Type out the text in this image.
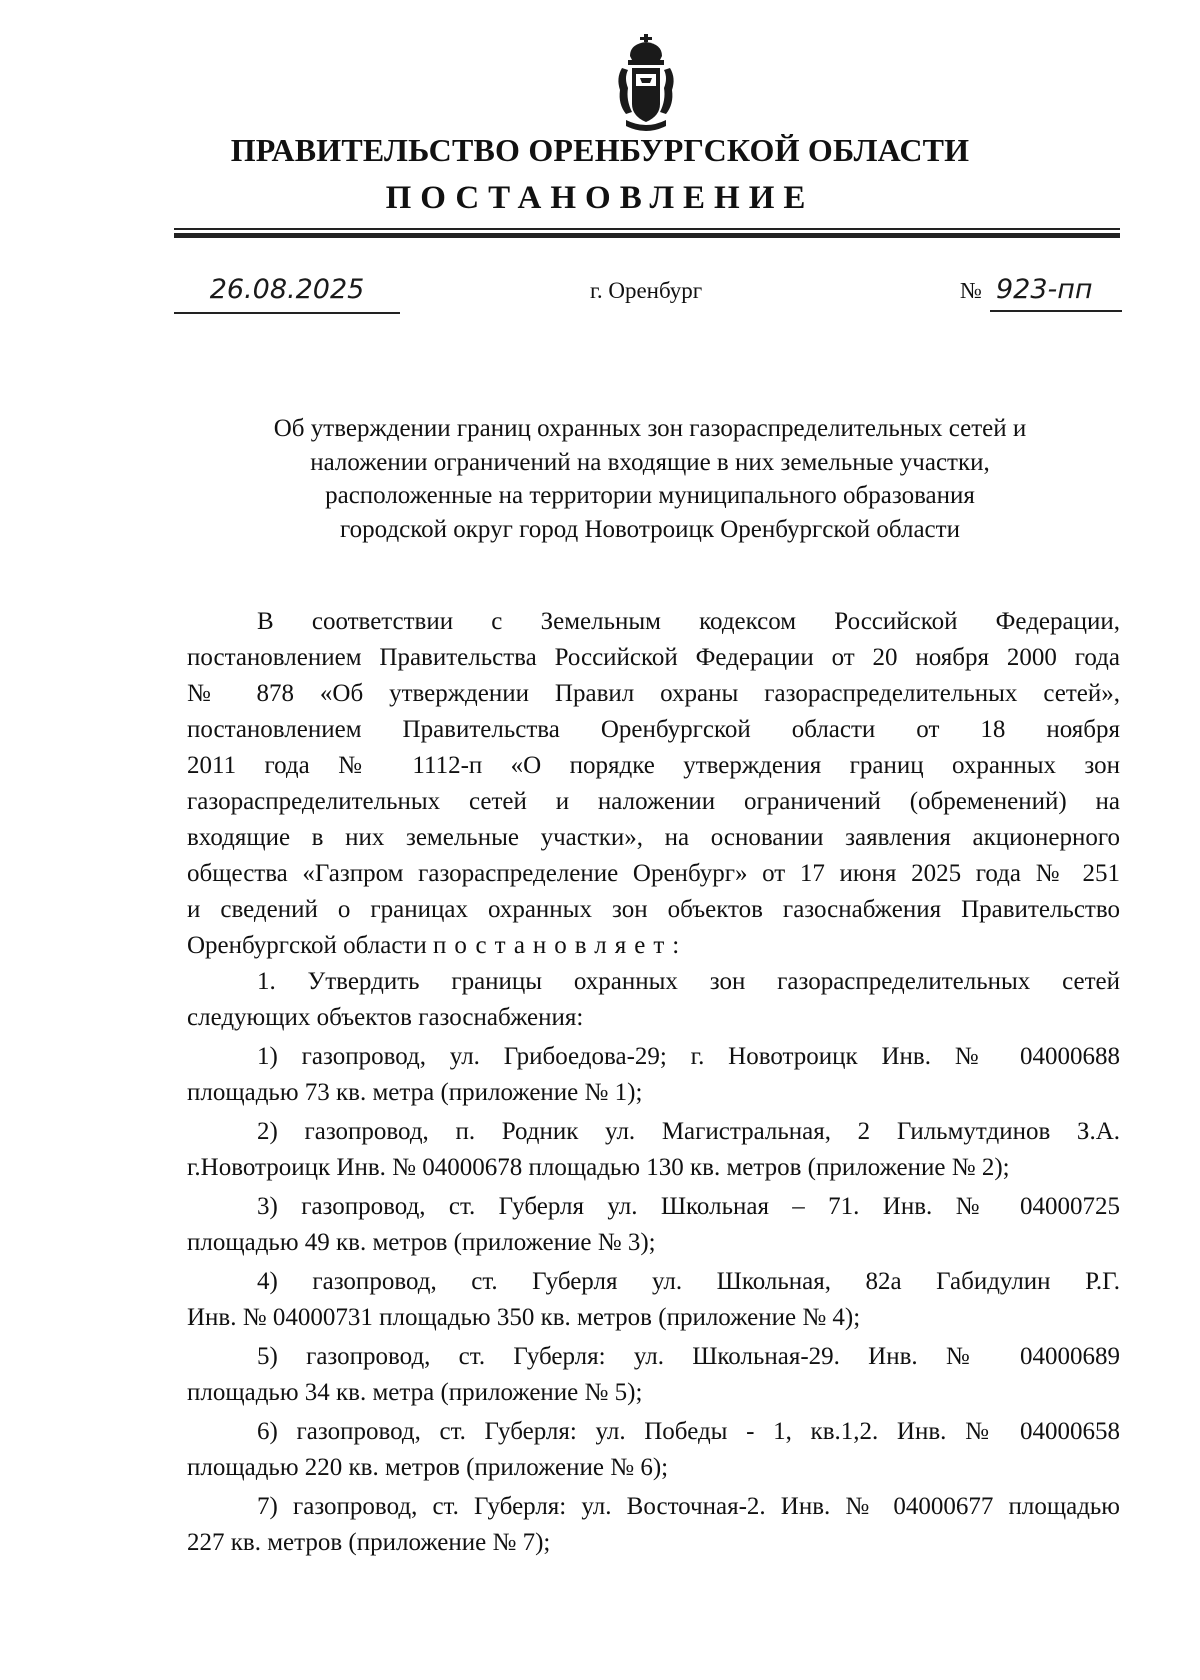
ПРАВИТЕЛЬСТВО ОРЕНБУРГСКОЙ ОБЛАСТИ
ПОСТАНОВЛЕНИЕ
26.08.2025	г. Оренбург	№ 923-пп
Об утверждении границ охранных зон газораспределительных сетей и
наложении ограничений на входящие в них земельные участки,
расположенные на территории муниципального образования
городской округ город Новотроицк Оренбургской области

В соответствии с Земельным кодексом Российской Федерации,

постановлением Правительства Российской Федерации от 20 ноября 2000 года

№ 878 «Об утверждении Правил охраны газораспределительных сетей»,

постановлением Правительства Оренбургской области от 18 ноября

2011 года № 1112-п «О порядке утверждения границ охранных зон

газораспределительных сетей и наложении ограничений (обременений) на

входящие в них земельные участки», на основании заявления акционерного

общества «Газпром газораспределение Оренбург» от 17 июня 2025 года № 251

и сведений о границах охранных зон объектов газоснабжения Правительство

Оренбургской области постановляет:

1. Утвердить границы охранных зон газораспределительных сетей

следующих объектов газоснабжения:

1) газопровод, ул. Грибоедова-29; г. Новотроицк Инв. № 04000688

площадью 73 кв. метра (приложение № 1);

2) газопровод, п. Родник ул. Магистральная, 2 Гильмутдинов З.А.

г.Новотроицк Инв. № 04000678 площадью 130 кв. метров (приложение № 2);

3) газопровод, ст. Губерля ул. Школьная – 71. Инв. № 04000725

площадью 49 кв. метров (приложение № 3);

4) газопровод, ст. Губерля ул. Школьная, 82а Габидулин Р.Г.

Инв. № 04000731 площадью 350 кв. метров (приложение № 4);

5) газопровод, ст. Губерля: ул. Школьная-29. Инв. № 04000689

площадью 34 кв. метра (приложение № 5);

6) газопровод, ст. Губерля: ул. Победы - 1, кв.1,2. Инв. № 04000658

площадью 220 кв. метров (приложение № 6);

7) газопровод, ст. Губерля: ул. Восточная-2. Инв. № 04000677 площадью

227 кв. метров (приложение № 7);
